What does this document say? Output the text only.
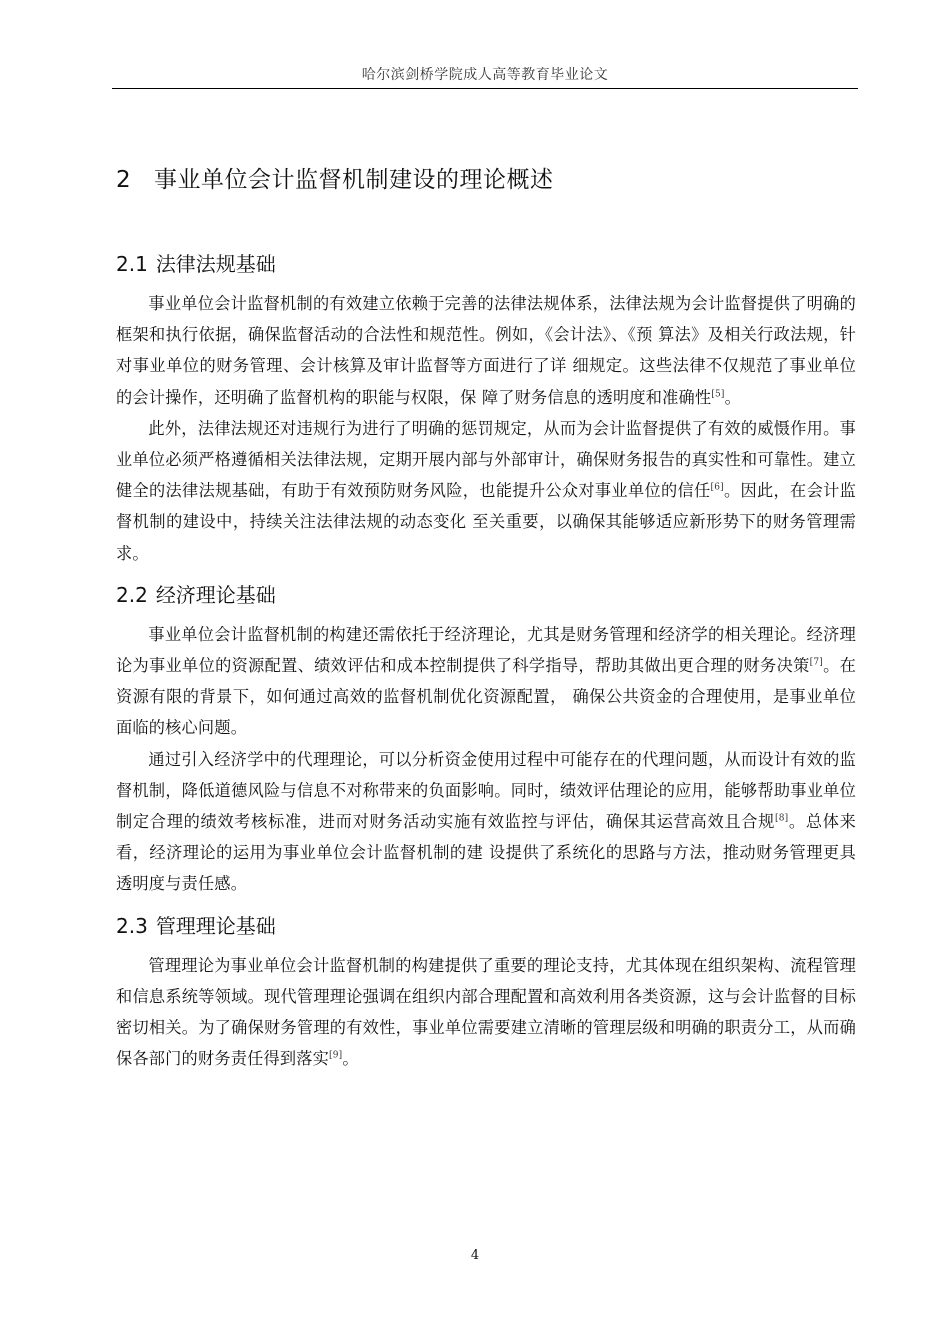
哈尔滨剑桥学院成人高等教育毕业论文
2 事业单位会计监督机制建设的理论概述
2.1 法律法规基础

事业单位会计监督机制的有效建立依赖于完善的法律法规体系，法律法规为会计监督提供了明确的框架和执行依据，确保监督活动的合法性和规范性。例如，《会计法》、《预 算法》及相关行政法规，针对事业单位的财务管理、会计核算及审计监督等方面进行了详 细规定。这些法律不仅规范了事业单位的会计操作，还明确了监督机构的职能与权限，保 障了财务信息的透明度和准确性[5]。

此外，法律法规还对违规行为进行了明确的惩罚规定，从而为会计监督提供了有效的威慑作用。事业单位必须严格遵循相关法律法规，定期开展内部与外部审计，确保财务报告的真实性和可靠性。建立健全的法律法规基础，有助于有效预防财务风险，也能提升公众对事业单位的信任[6]。因此，在会计监督机制的建设中，持续关注法律法规的动态变化 至关重要，以确保其能够适应新形势下的财务管理需求。

2.2 经济理论基础

事业单位会计监督机制的构建还需依托于经济理论，尤其是财务管理和经济学的相关理论。经济理论为事业单位的资源配置、绩效评估和成本控制提供了科学指导，帮助其做出更合理的财务决策[7]。在资源有限的背景下，如何通过高效的监督机制优化资源配置， 确保公共资金的合理使用，是事业单位面临的核心问题。

通过引入经济学中的代理理论，可以分析资金使用过程中可能存在的代理问题，从而设计有效的监督机制，降低道德风险与信息不对称带来的负面影响。同时，绩效评估理论的应用，能够帮助事业单位制定合理的绩效考核标准，进而对财务活动实施有效监控与评估，确保其运营高效且合规[8]。总体来看，经济理论的运用为事业单位会计监督机制的建 设提供了系统化的思路与方法，推动财务管理更具透明度与责任感。

2.3 管理理论基础

管理理论为事业单位会计监督机制的构建提供了重要的理论支持，尤其体现在组织架构、流程管理和信息系统等领域。现代管理理论强调在组织内部合理配置和高效利用各类资源，这与会计监督的目标密切相关。为了确保财务管理的有效性，事业单位需要建立清晰的管理层级和明确的职责分工，从而确保各部门的财务责任得到落实[9]。

4
